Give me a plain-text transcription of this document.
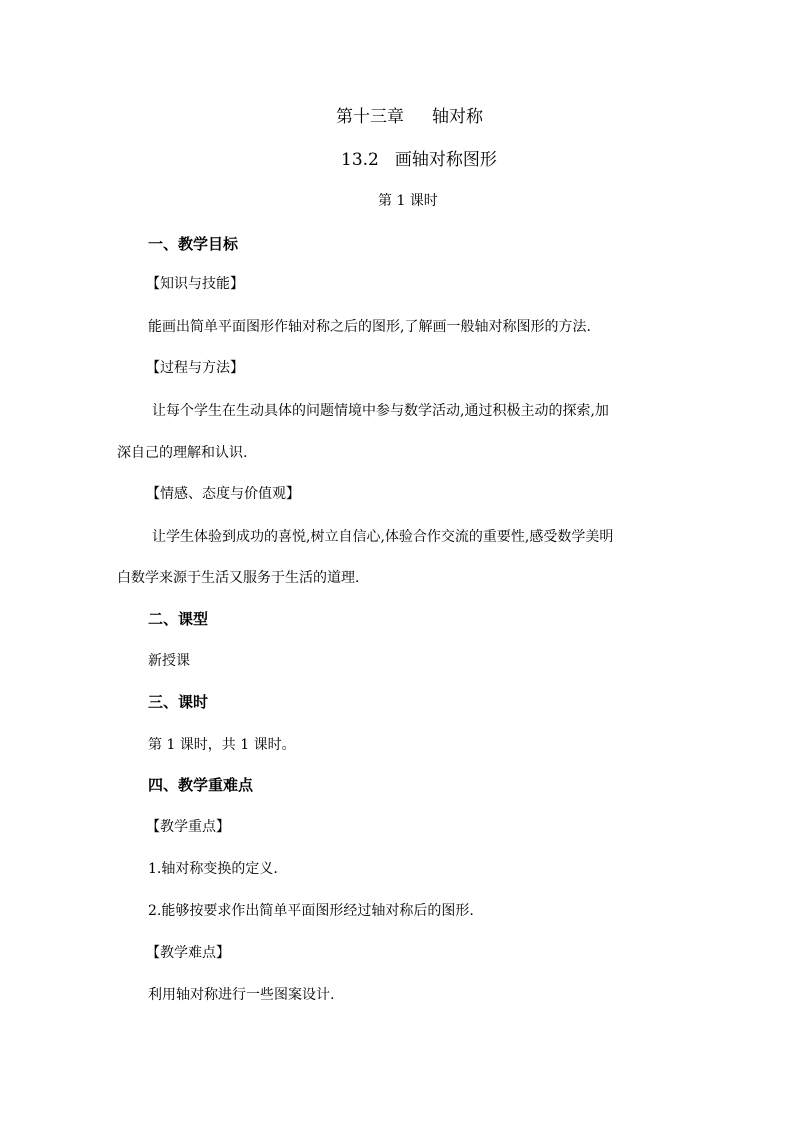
第十三章 轴对称
13.2 画轴对称图形
第 1 课时
一、教学目标
【知识与技能】
能画出简单平面图形作轴对称之后的图形,了解画一般轴对称图形的方法.
【过程与方法】
让每个学生在生动具体的问题情境中参与数学活动,通过积极主动的探索,加
深自己的理解和认识.
【情感、态度与价值观】
让学生体验到成功的喜悦,树立自信心,体验合作交流的重要性,感受数学美明
白数学来源于生活又服务于生活的道理.
二、课型
新授课
三、课时
第 1 课时，共 1 课时。
四、教学重难点
【教学重点】
1.轴对称变换的定义.
2.能够按要求作出简单平面图形经过轴对称后的图形.
【教学难点】
利用轴对称进行一些图案设计.
